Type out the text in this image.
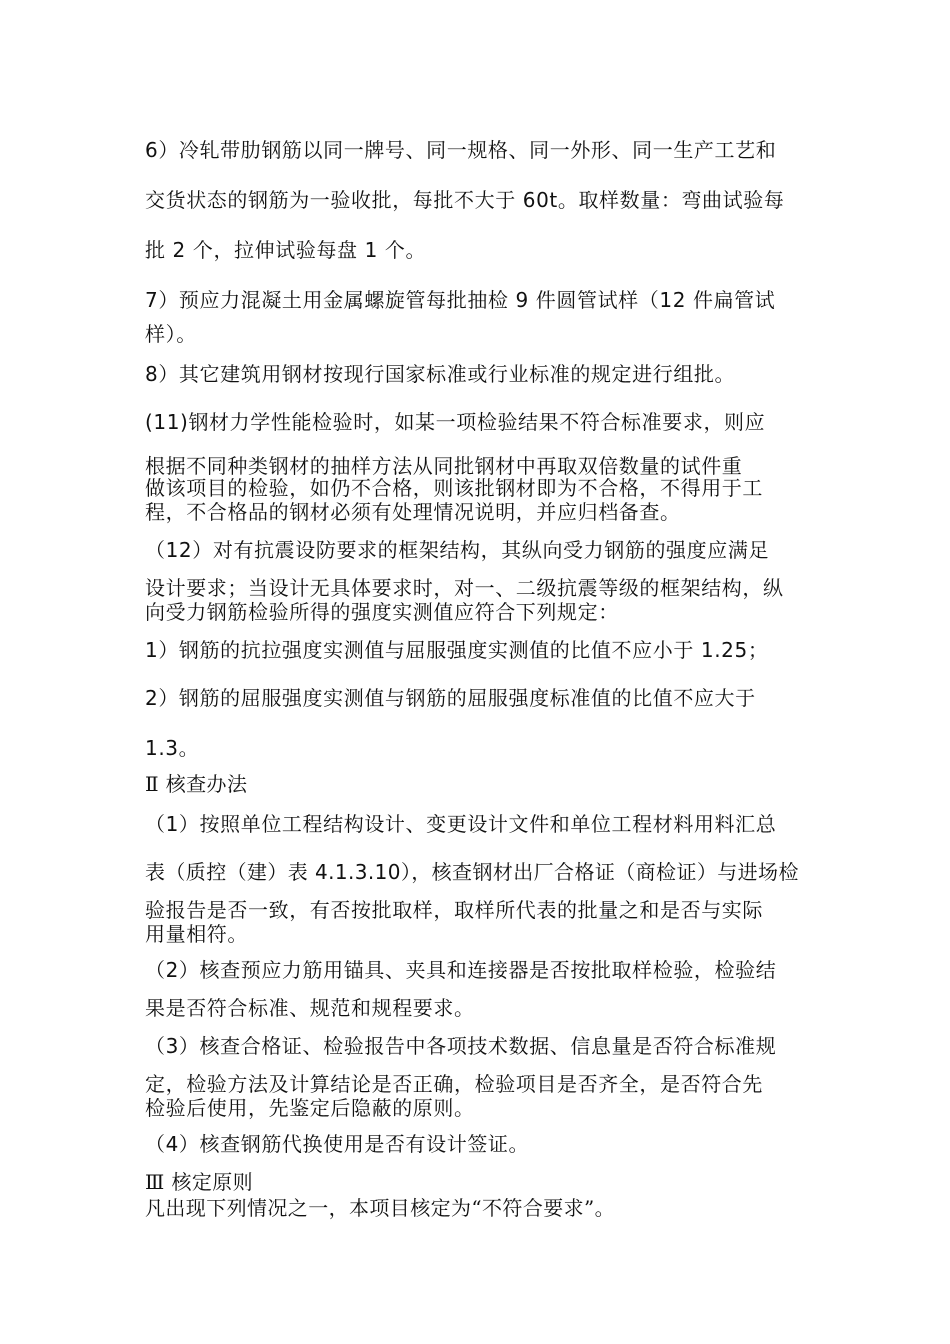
6）冷轧带肋钢筋以同一牌号、同一规格、同一外形、同一生产工艺和
交货状态的钢筋为一验收批，每批不大于 60t。取样数量：弯曲试验每
批 2 个，拉伸试验每盘 1 个。
7）预应力混凝土用金属螺旋管每批抽检 9 件圆管试样（12 件扁管试
样）。
8）其它建筑用钢材按现行国家标准或行业标准的规定进行组批。
(11)钢材力学性能检验时，如某一项检验结果不符合标准要求，则应
根据不同种类钢材的抽样方法从同批钢材中再取双倍数量的试件重
做该项目的检验，如仍不合格，则该批钢材即为不合格，不得用于工
程，不合格品的钢材必须有处理情况说明，并应归档备查。
（12）对有抗震设防要求的框架结构，其纵向受力钢筋的强度应满足
设计要求；当设计无具体要求时，对一、二级抗震等级的框架结构，纵
向受力钢筋检验所得的强度实测值应符合下列规定：
1）钢筋的抗拉强度实测值与屈服强度实测值的比值不应小于 1.25；
2）钢筋的屈服强度实测值与钢筋的屈服强度标准值的比值不应大于
1.3。
Ⅱ 核查办法
（1）按照单位工程结构设计、变更设计文件和单位工程材料用料汇总
表（质控（建）表 4.1.3.10），核查钢材出厂合格证（商检证）与进场检
验报告是否一致，有否按批取样，取样所代表的批量之和是否与实际
用量相符。
（2）核查预应力筋用锚具、夹具和连接器是否按批取样检验，检验结
果是否符合标准、规范和规程要求。
（3）核查合格证、检验报告中各项技术数据、信息量是否符合标准规
定，检验方法及计算结论是否正确，检验项目是否齐全，是否符合先
检验后使用，先鉴定后隐蔽的原则。
（4）核查钢筋代换使用是否有设计签证。
Ⅲ 核定原则
凡出现下列情况之一，本项目核定为“不符合要求”。
